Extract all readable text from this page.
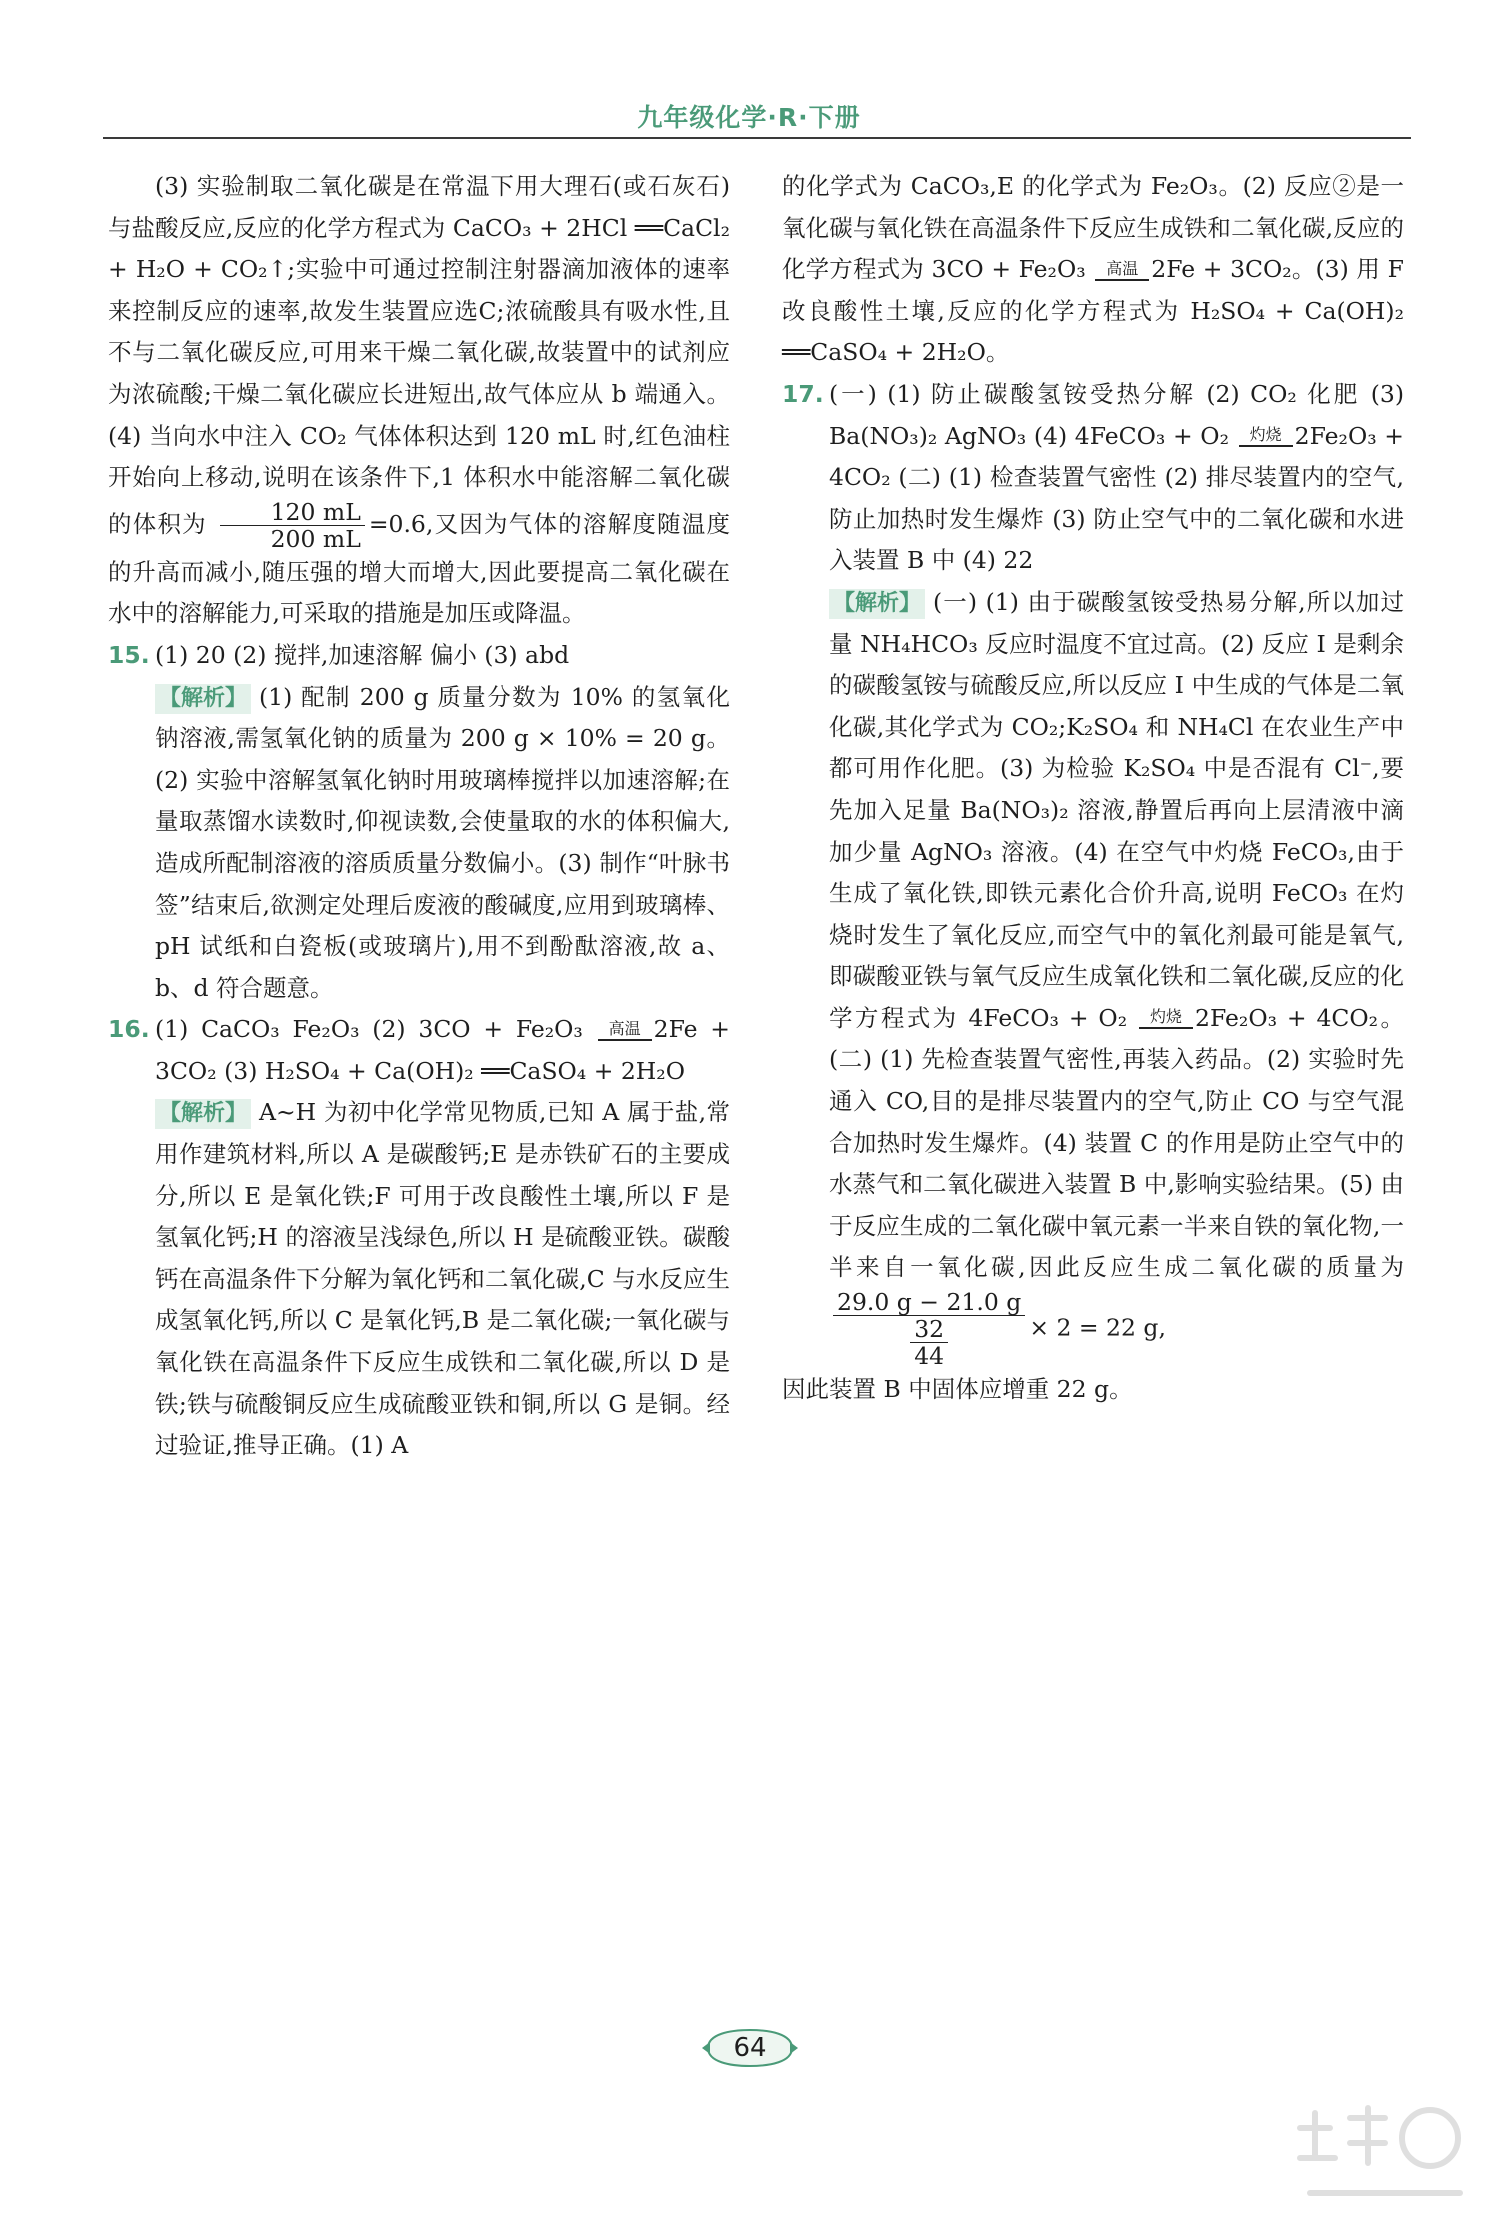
九年级化学·R·下册

(3) 实验制取二氧化碳是在常温下用大理石(或石灰石)与盐酸反应,反应的化学方程式为 CaCO₃ + 2HCl ══CaCl₂ + H₂O + CO₂↑;实验中可通过控制注射器滴加液体的速率来控制反应的速率,故发生装置应选C;浓硫酸具有吸水性,且不与二氧化碳反应,可用来干燥二氧化碳,故装置中的试剂应为浓硫酸;干燥二氧化碳应长进短出,故气体应从 b 端通入。(4) 当向水中注入 CO₂ 气体体积达到 120 mL 时,红色油柱开始向上移动,说明在该条件下,1 体积水中能溶解二氧化碳的体积为 $\frac{120 mL}{200 mL} =0.6$,又因为气体的溶解度随温度的升高而减小,随压强的增大而增大,因此要提高二氧化碳在水中的溶解能力,可采取的措施是加压或降温。

15. (1) 20 (2) 搅拌,加速溶解 偏小 (3) abd

【解析】 (1) 配制 200 g 质量分数为 10% 的氢氧化钠溶液,需氢氧化钠的质量为 200 g × 10% = 20 g。(2) 实验中溶解氢氧化钠时用玻璃棒搅拌以加速溶解;在量取蒸馏水读数时,仰视读数,会使量取的水的体积偏大,造成所配制溶液的溶质质量分数偏小。(3) 制作“叶脉书签”结束后,欲测定处理后废液的酸碱度,应用到玻璃棒、pH 试纸和白瓷板(或玻璃片),用不到酚酞溶液,故 a、b、d 符合题意。

16. (1) CaCO₃ Fe₂O₃ (2) 3CO + Fe₂O₃ 高温 2Fe + 3CO₂ (3) H₂SO₄ + Ca(OH)₂ ══CaSO₄ + 2H₂O

【解析】 A~H 为初中化学常见物质,已知 A 属于盐,常用作建筑材料,所以 A 是碳酸钙;E 是赤铁矿石的主要成分,所以 E 是氧化铁;F 可用于改良酸性土壤,所以 F 是氢氧化钙;H 的溶液呈浅绿色,所以 H 是硫酸亚铁。碳酸钙在高温条件下分解为氧化钙和二氧化碳,C 与水反应生成氢氧化钙,所以 C 是氧化钙,B 是二氧化碳;一氧化碳与氧化铁在高温条件下反应生成铁和二氧化碳,所以 D 是铁;铁与硫酸铜反应生成硫酸亚铁和铜,所以 G 是铜。经过验证,推导正确。(1) A

的化学式为 CaCO₃,E 的化学式为 Fe₂O₃。(2) 反应②是一氧化碳与氧化铁在高温条件下反应生成铁和二氧化碳,反应的化学方程式为 3CO + Fe₂O₃ 高温 2Fe + 3CO₂。(3) 用 F 改良酸性土壤,反应的化学方程式为 H₂SO₄ + Ca(OH)₂ ══CaSO₄ + 2H₂O。

17. (一) (1) 防止碳酸氢铵受热分解 (2) CO₂ 化肥 (3) Ba(NO₃)₂ AgNO₃ (4) 4FeCO₃ + O₂ 灼烧 2Fe₂O₃ + 4CO₂ (二) (1) 检查装置气密性 (2) 排尽装置内的空气,防止加热时发生爆炸 (3) 防止空气中的二氧化碳和水进入装置 B 中 (4) 22

【解析】 (一) (1) 由于碳酸氢铵受热易分解,所以加过量 NH₄HCO₃ 反应时温度不宜过高。(2) 反应 Ⅰ 是剩余的碳酸氢铵与硫酸反应,所以反应 Ⅰ 中生成的气体是二氧化碳,其化学式为 CO₂;K₂SO₄ 和 NH₄Cl 在农业生产中都可用作化肥。(3) 为检验 K₂SO₄ 中是否混有 Cl⁻,要先加入足量 Ba(NO₃)₂ 溶液,静置后再向上层清液中滴加少量 AgNO₃ 溶液。(4) 在空气中灼烧 FeCO₃,由于生成了氧化铁,即铁元素化合价升高,说明 FeCO₃ 在灼烧时发生了氧化反应,而空气中的氧化剂最可能是氧气,即碳酸亚铁与氧气反应生成氧化铁和二氧化碳,反应的化学方程式为 4FeCO₃ + O₂ 灼烧 2Fe₂O₃ + 4CO₂。(二) (1) 先检查装置气密性,再装入药品。(2) 实验时先通入 CO,目的是排尽装置内的空气,防止 CO 与空气混合加热时发生爆炸。(4) 装置 C 的作用是防止空气中的水蒸气和二氧化碳进入装置 B 中,影响实验结果。(5) 由于反应生成的二氧化碳中氧元素一半来自铁的氧化物,一半来自一氧化碳,因此反应生成二氧化碳的质量为
$\frac{29.0 g - 21.0 g}{\frac{32}{44}} \times 2 = 22$ g,

因此装置 B 中固体应增重 22 g。

64
